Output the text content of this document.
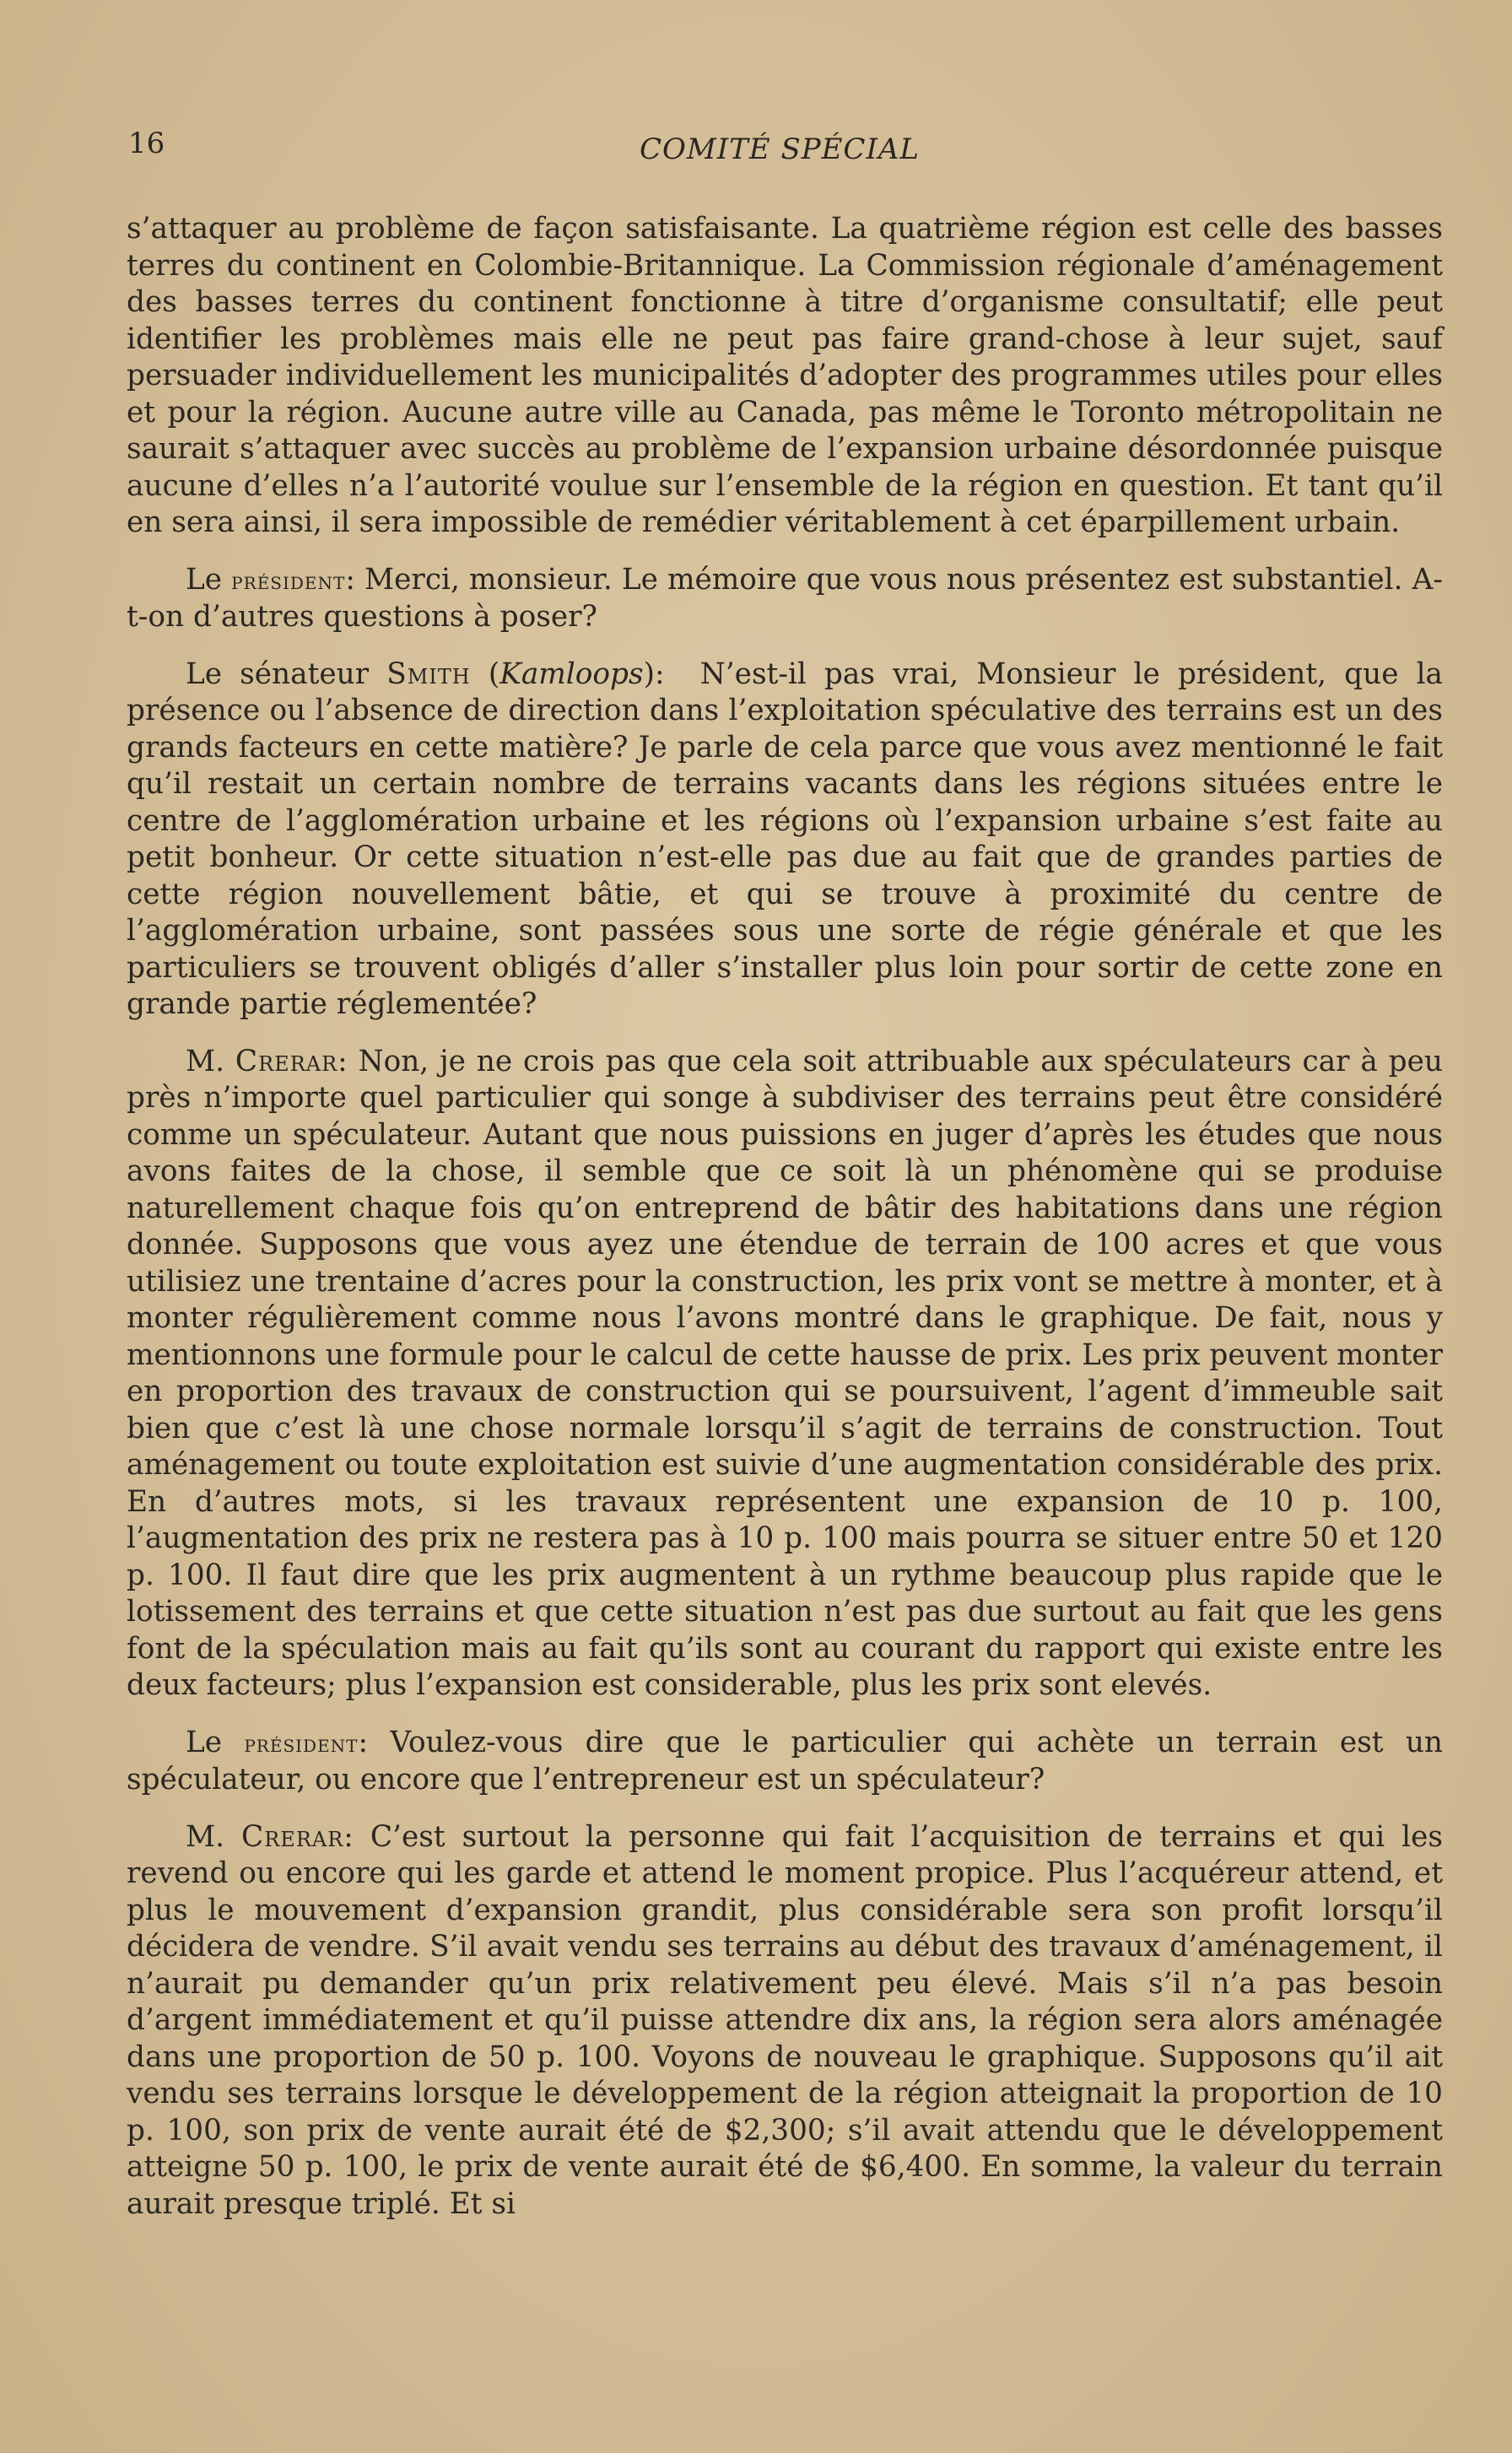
16	COMITÉ SPÉCIAL

s’attaquer au problème de façon satisfaisante. La quatrième région est celle des basses terres du continent en Colombie-Britannique. La Commission régionale d’aménagement des basses terres du continent fonctionne à titre d’organisme consultatif; elle peut identifier les problèmes mais elle ne peut pas faire grand-chose à leur sujet, sauf persuader individuellement les municipalités d’adopter des programmes utiles pour elles et pour la région. Aucune autre ville au Canada, pas même le Toronto métropolitain ne saurait s’attaquer avec succès au problème de l’expansion urbaine désordonnée puisque aucune d’elles n’a l’autorité voulue sur l’ensemble de la région en question. Et tant qu’il en sera ainsi, il sera impossible de remédier véritablement à cet éparpillement urbain.

Le président: Merci, monsieur. Le mémoire que vous nous présentez est substantiel. A-t-on d’autres questions à poser?

Le sénateur Smith (Kamloops):  N’est-il pas vrai, Monsieur le président, que la présence ou l’absence de direction dans l’exploitation spéculative des terrains est un des grands facteurs en cette matière? Je parle de cela parce que vous avez mentionné le fait qu’il restait un certain nombre de terrains vacants dans les régions situées entre le centre de l’agglomération urbaine et les régions où l’expansion urbaine s’est faite au petit bonheur. Or cette situation n’est-elle pas due au fait que de grandes parties de cette région nouvellement bâtie, et qui se trouve à proximité du centre de l’agglomération urbaine, sont passées sous une sorte de régie générale et que les particuliers se trouvent obligés d’aller s’installer plus loin pour sortir de cette zone en grande partie réglementée?

M. Crerar: Non, je ne crois pas que cela soit attribuable aux spéculateurs car à peu près n’importe quel particulier qui songe à subdiviser des terrains peut être considéré comme un spéculateur. Autant que nous puissions en juger d’après les études que nous avons faites de la chose, il semble que ce soit là un phénomène qui se produise naturellement chaque fois qu’on entreprend de bâtir des habitations dans une région donnée. Supposons que vous ayez une étendue de terrain de 100 acres et que vous utilisiez une trentaine d’acres pour la construction, les prix vont se mettre à monter, et à monter régulièrement comme nous l’avons montré dans le graphique. De fait, nous y mentionnons une formule pour le calcul de cette hausse de prix. Les prix peuvent monter en proportion des travaux de construction qui se poursuivent, l’agent d’immeuble sait bien que c’est là une chose normale lorsqu’il s’agit de terrains de construction. Tout aménagement ou toute exploitation est suivie d’une augmentation considérable des prix. En d’autres mots, si les travaux représentent une expansion de 10 p. 100, l’augmentation des prix ne restera pas à 10 p. 100 mais pourra se situer entre 50 et 120 p. 100. Il faut dire que les prix augmentent à un rythme beaucoup plus rapide que le lotissement des terrains et que cette situation n’est pas due surtout au fait que les gens font de la spéculation mais au fait qu’ils sont au courant du rapport qui existe entre les deux facteurs; plus l’expansion est considerable, plus les prix sont elevés.

Le président: Voulez-vous dire que le particulier qui achète un terrain est un spéculateur, ou encore que l’entrepreneur est un spéculateur?

M. Crerar: C’est surtout la personne qui fait l’acquisition de terrains et qui les revend ou encore qui les garde et attend le moment propice. Plus l’acquéreur attend, et plus le mouvement d’expansion grandit, plus considérable sera son profit lorsqu’il décidera de vendre. S’il avait vendu ses terrains au début des travaux d’aménagement, il n’aurait pu demander qu’un prix relativement peu élevé. Mais s’il n’a pas besoin d’argent immédiatement et qu’il puisse attendre dix ans, la région sera alors aménagée dans une proportion de 50 p. 100. Voyons de nouveau le graphique. Supposons qu’il ait vendu ses terrains lorsque le développement de la région atteignait la proportion de 10 p. 100, son prix de vente aurait été de $2,300; s’il avait attendu que le développement atteigne 50 p. 100, le prix de vente aurait été de $6,400. En somme, la valeur du terrain aurait presque triplé. Et si
